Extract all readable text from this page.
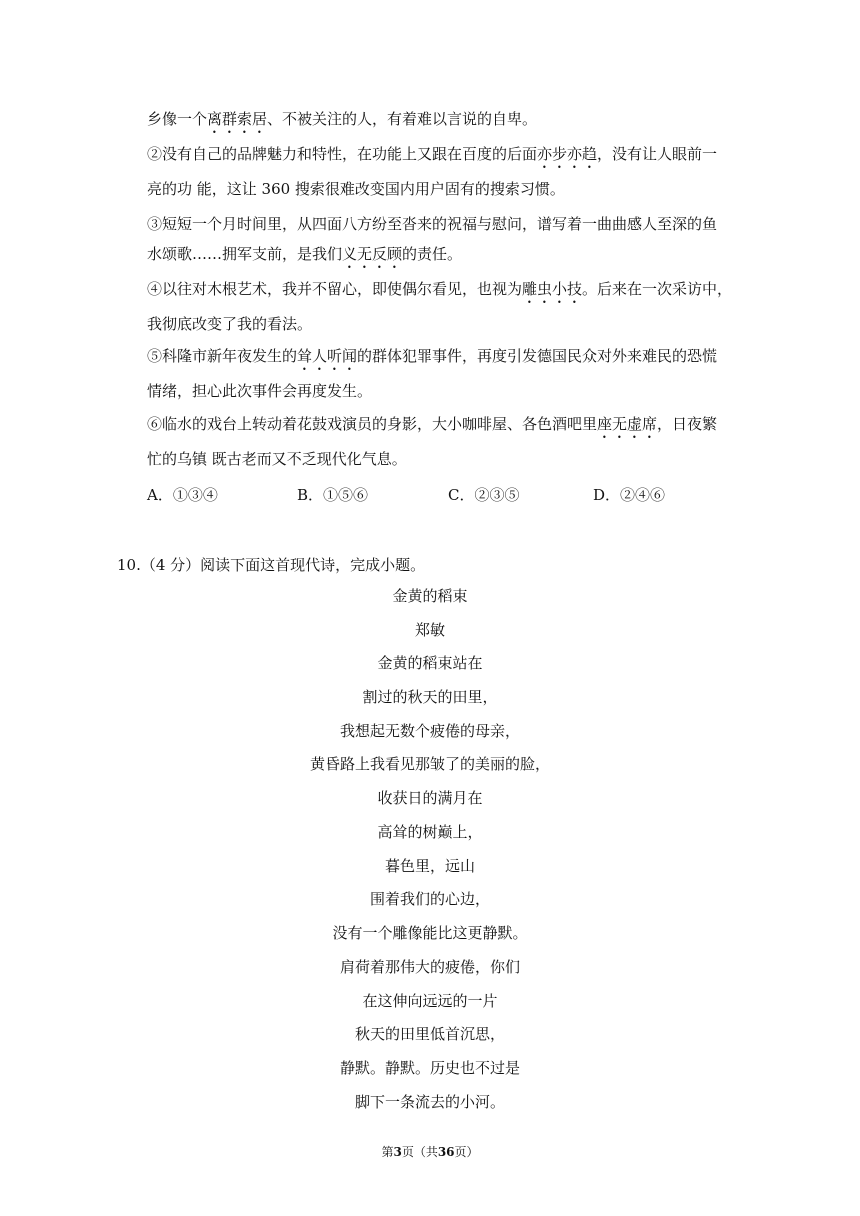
乡像一个离群索居、不被关注的人，有着难以言说的自卑。
②没有自己的品牌魅力和特性，在功能上又跟在百度的后面亦步亦趋，没有让人眼前一
亮的功 能，这让 360 搜索很难改变国内用户固有的搜索习惯。
③短短一个月时间里，从四面八方纷至沓来的祝福与慰问，谱写着一曲曲感人至深的鱼
水颂歌……拥军支前，是我们义无反顾的责任。
④以往对木根艺术，我并不留心，即使偶尔看见，也视为雕虫小技。后来在一次采访中，
我彻底改变了我的看法。
⑤科隆市新年夜发生的耸人听闻的群体犯罪事件，再度引发德国民众对外来难民的恐慌
情绪，担心此次事件会再度发生。
⑥临水的戏台上转动着花鼓戏演员的身影，大小咖啡屋、各色酒吧里座无虚席，日夜繁
忙的乌镇 既古老而又不乏现代化气息。
A．①③④	B．①⑤⑥	C．②③⑤	D．②④⑥
10.（4 分）阅读下面这首现代诗，完成小题。
金黄的稻束
郑敏
金黄的稻束站在
割过的秋天的田里，
我想起无数个疲倦的母亲，
黄昏路上我看见那皱了的美丽的脸，
收获日的满月在
高耸的树巅上，
暮色里，远山
围着我们的心边，
没有一个雕像能比这更静默。
肩荷着那伟大的疲倦，你们
在这伸向远远的一片
秋天的田里低首沉思，
静默。静默。历史也不过是
脚下一条流去的小河。
第3页（共36页）
